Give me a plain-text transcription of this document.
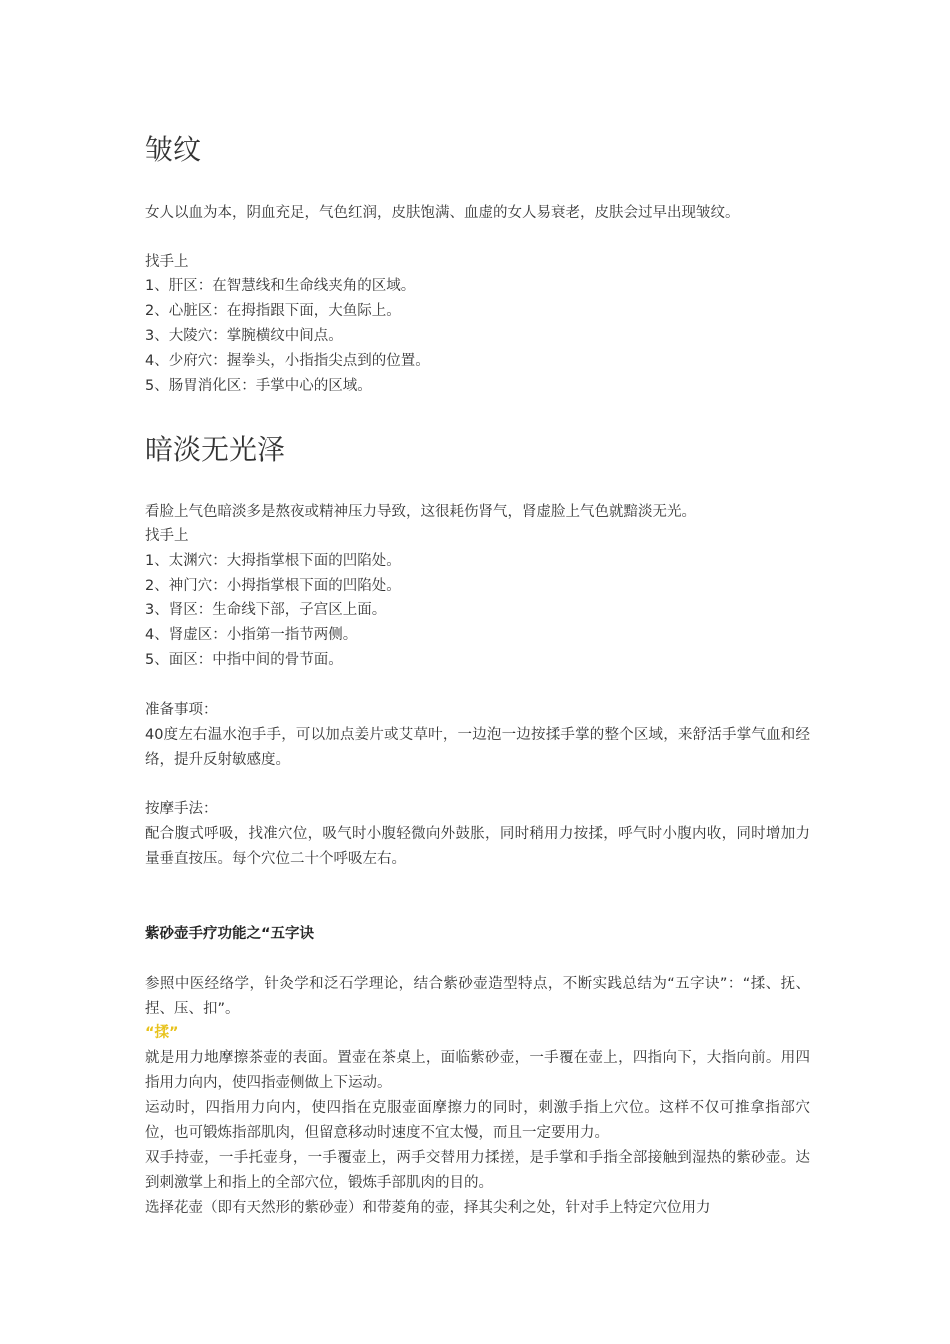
皱纹
女人以血为本，阴血充足，气色红润，皮肤饱满、血虚的女人易衰老，皮肤会过早出现皱纹。
找手上
1、肝区：在智慧线和生命线夹角的区域。
2、心脏区：在拇指跟下面，大鱼际上。
3、大陵穴：掌腕横纹中间点。
4、少府穴：握拳头，小指指尖点到的位置。
5、肠胃消化区：手掌中心的区域。
暗淡无光泽
看脸上气色暗淡多是熬夜或精神压力导致，这很耗伤肾气，肾虚脸上气色就黯淡无光。
找手上
1、太渊穴：大拇指掌根下面的凹陷处。
2、神门穴：小拇指掌根下面的凹陷处。
3、肾区：生命线下部，子宫区上面。
4、肾虚区：小指第一指节两侧。
5、面区：中指中间的骨节面。
准备事项：
40度左右温水泡手手，可以加点姜片或艾草叶，一边泡一边按揉手掌的整个区域，来舒活手掌气血和经络，提升反射敏感度。
按摩手法：
配合腹式呼吸，找准穴位，吸气时小腹轻微向外鼓胀，同时稍用力按揉，呼气时小腹内收，同时增加力量垂直按压。每个穴位二十个呼吸左右。
紫砂壶手疗功能之“五字诀
参照中医经络学，针灸学和泛石学理论，结合紫砂壶造型特点，不断实践总结为“五字诀”：“揉、抚、捏、压、扣”。
“揉”
就是用力地摩擦茶壶的表面。置壶在茶桌上，面临紫砂壶，一手覆在壶上，四指向下，大指向前。用四指用力向内，使四指壶侧做上下运动。
运动时，四指用力向内，使四指在克服壶面摩擦力的同时，刺激手指上穴位。这样不仅可推拿指部穴位，也可锻炼指部肌肉，但留意移动时速度不宜太慢，而且一定要用力。
双手持壶，一手托壶身，一手覆壶上，两手交替用力揉搓，是手掌和手指全部接触到湿热的紫砂壶。达到刺激掌上和指上的全部穴位，锻炼手部肌肉的目的。
选择花壶（即有天然形的紫砂壶）和带菱角的壶，择其尖利之处，针对手上特定穴位用力
